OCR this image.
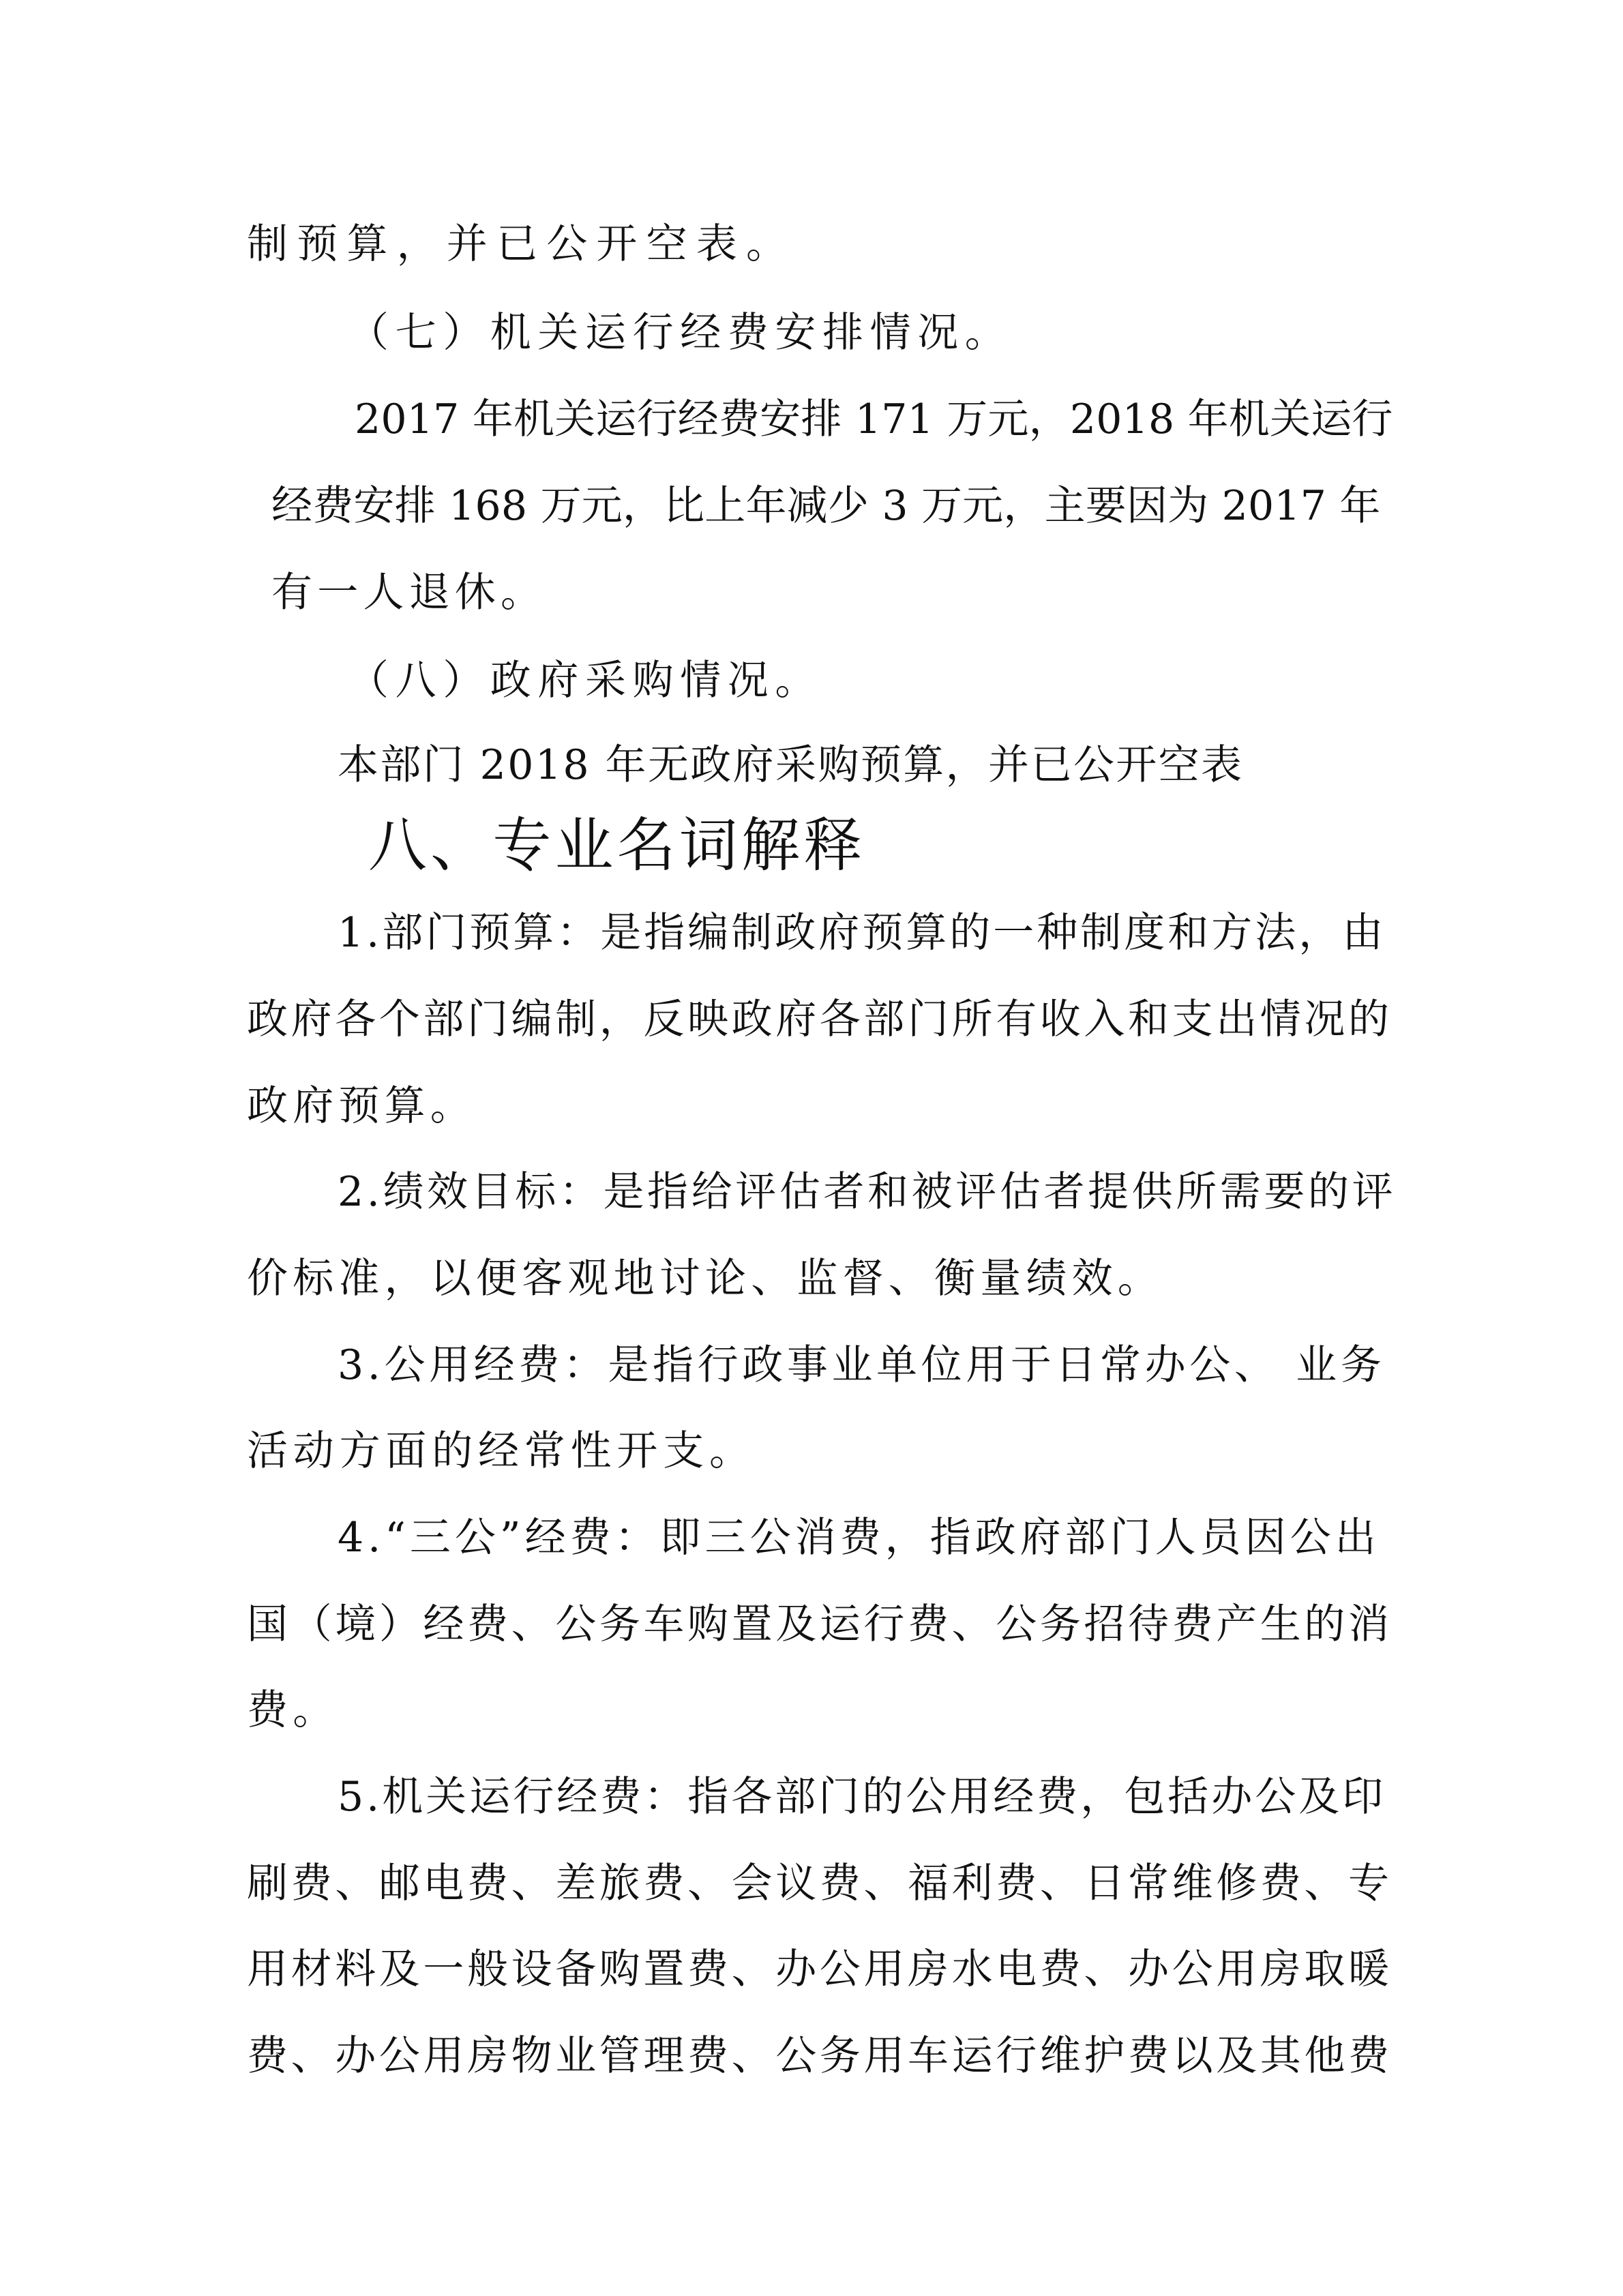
制预算，并已公开空表。
（七）机关运行经费安排情况。
2017 年机关运行经费安排 171 万元，2018 年机关运行
经费安排 168 万元，比上年减少 3 万元，主要因为 2017 年
有一人退休。
（八）政府采购情况。
本部门 2018 年无政府采购预算，并已公开空表
八、专业名词解释
1.部门预算：是指编制政府预算的一种制度和方法，由
政府各个部门编制，反映政府各部门所有收入和支出情况的
政府预算。
2.绩效目标：是指给评估者和被评估者提供所需要的评
价标准，以便客观地讨论、监督、衡量绩效。
3.公用经费：是指行政事业单位用于日常办公、 业务
活动方面的经常性开支。
4.“三公”经费：即三公消费，指政府部门人员因公出
国（境）经费、公务车购置及运行费、公务招待费产生的消
费。
5.机关运行经费：指各部门的公用经费，包括办公及印
刷费、邮电费、差旅费、会议费、福利费、日常维修费、专
用材料及一般设备购置费、办公用房水电费、办公用房取暖
费、办公用房物业管理费、公务用车运行维护费以及其他费
